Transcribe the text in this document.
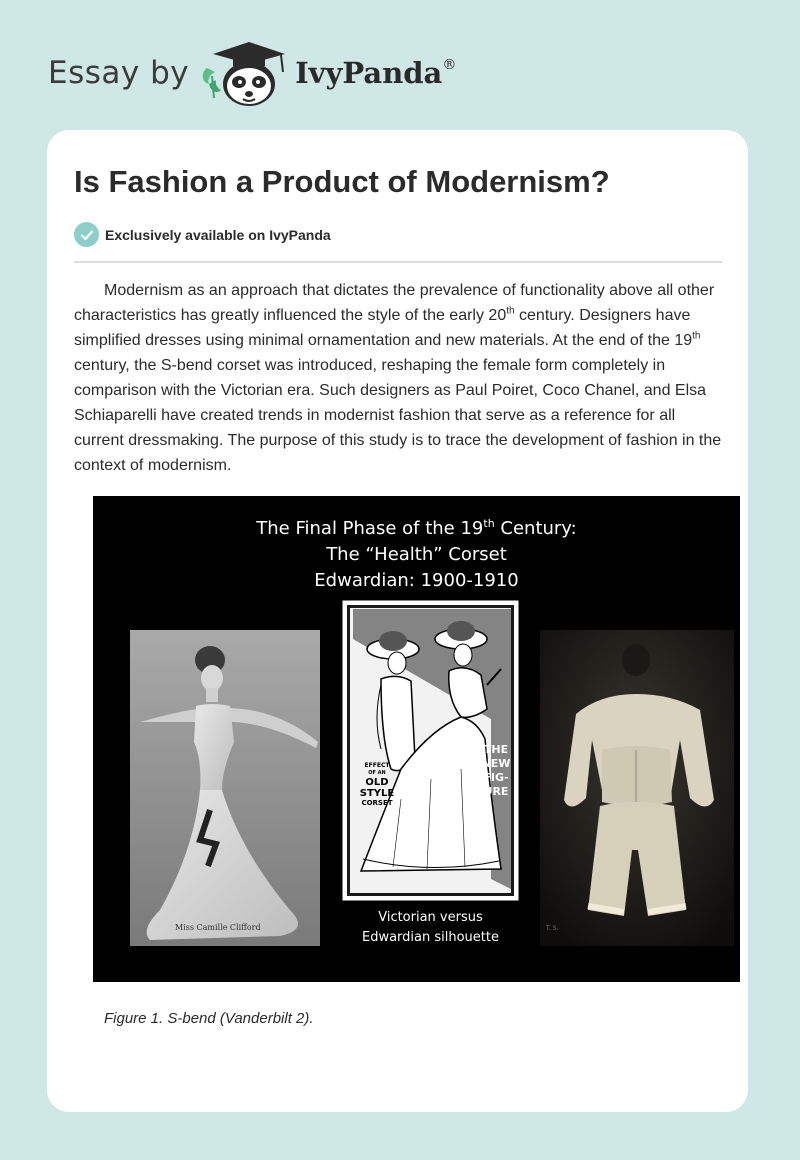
Essay by	IvyPanda®
Is Fashion a Product of Modernism?
Exclusively available on IvyPanda

Modernism as an approach that dictates the prevalence of functionality above all other characteristics has greatly influenced the style of the early 20th century. Designers have simplified dresses using minimal ornamentation and new materials. At the end of the 19th century, the S-bend corset was introduced, reshaping the female form completely in comparison with the Victorian era. Such designers as Paul Poiret, Coco Chanel, and Elsa Schiaparelli have created trends in modernist fashion that serve as a reference for all current dressmaking. The purpose of this study is to trace the development of fashion in the context of modernism.

The Final Phase of the 19th Century:
The “Health” Corset
Edwardian: 1900-1910
Miss Camille Clifford
EFFECT
OF AN
OLD
STYLE
CORSET
THE
NEW
FIG-
URE
Victorian versus
Edwardian silhouette
T. S.

Figure 1. S-bend (Vanderbilt 2).
